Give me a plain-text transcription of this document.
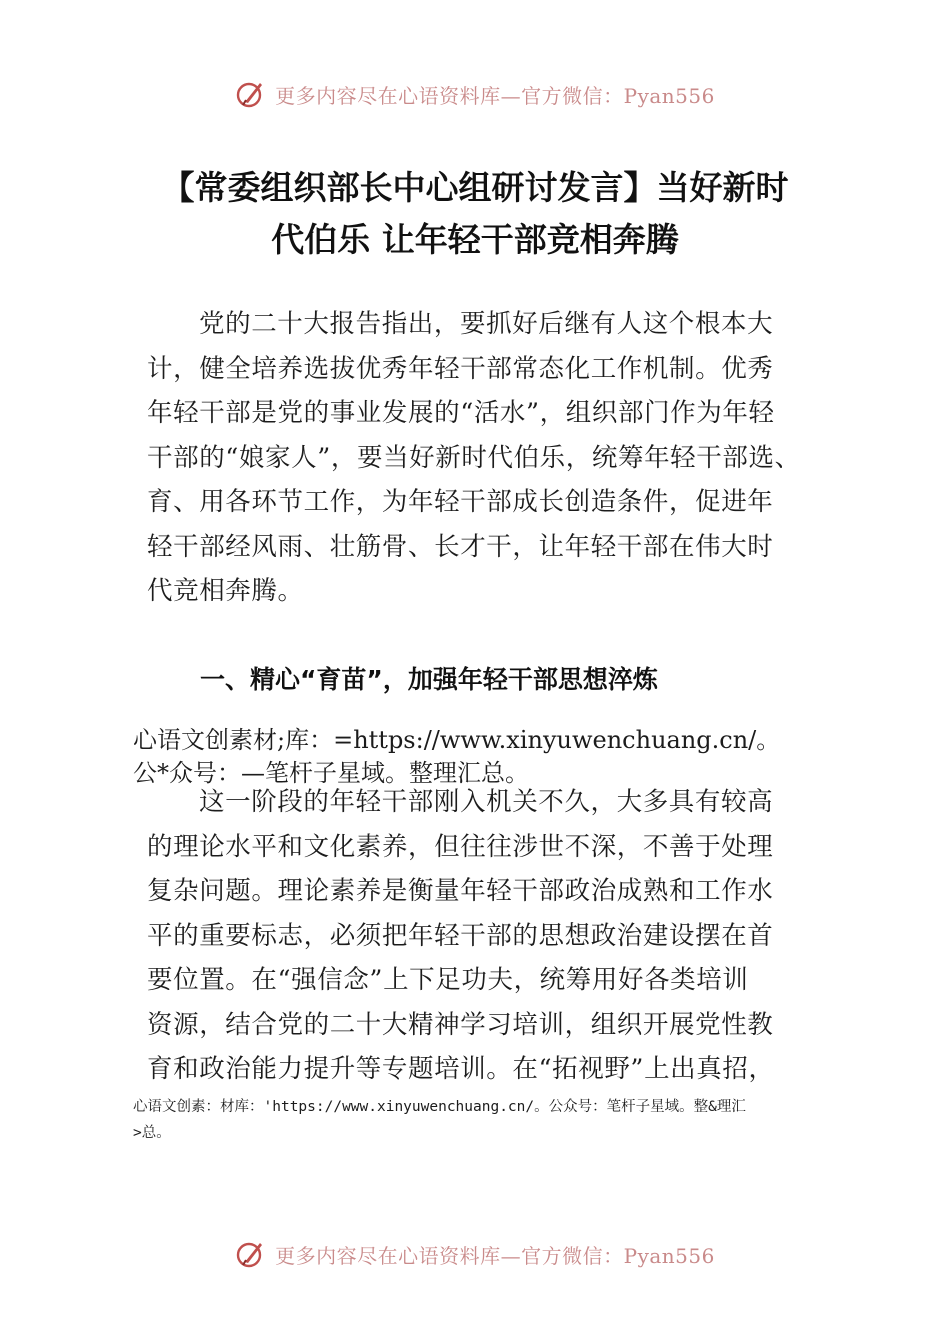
更多内容尽在心语资料库—官方微信：Pyan556
【常委组织部长中心组研讨发言】当好新时
代伯乐 让年轻干部竞相奔腾
党的二十大报告指出，要抓好后继有人这个根本大
计，健全培养选拔优秀年轻干部常态化工作机制。优秀
年轻干部是党的事业发展的“活水”，组织部门作为年轻
干部的“娘家人”，要当好新时代伯乐，统筹年轻干部选、
育、用各环节工作，为年轻干部成长创造条件，促进年
轻干部经风雨、壮筋骨、长才干，让年轻干部在伟大时
代竞相奔腾。
一、精心“育苗”，加强年轻干部思想淬炼
心语文创素材;库：=https://www.xinyuwenchuang.cn/。
公*众号：—笔杆子星域。整理汇总。
这一阶段的年轻干部刚入机关不久，大多具有较高
的理论水平和文化素养，但往往涉世不深，不善于处理
复杂问题。理论素养是衡量年轻干部政治成熟和工作水
平的重要标志，必须把年轻干部的思想政治建设摆在首
要位置。在“强信念”上下足功夫，统筹用好各类培训
资源，结合党的二十大精神学习培训，组织开展党性教
育和政治能力提升等专题培训。在“拓视野”上出真招，
心语文创素：材库：'https://www.xinyuwenchuang.cn/。公众号：笔杆子星域。整&理汇
>总。
更多内容尽在心语资料库—官方微信：Pyan556
